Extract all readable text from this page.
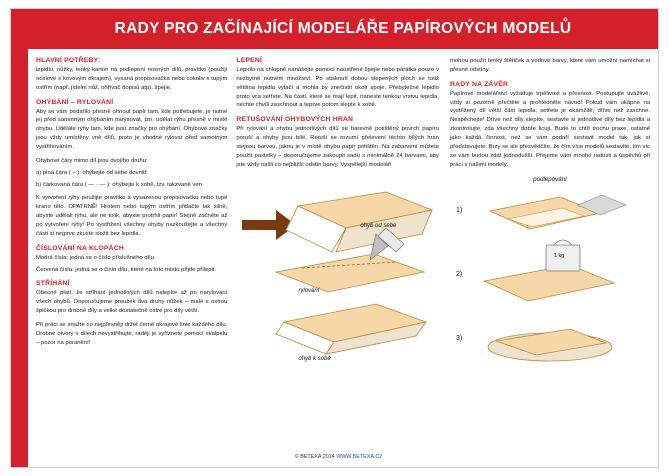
RADY PRO ZAČÍNAJÍCÍ MODELÁŘE PAPÍROVÝCH MODELŮ
HLAVNÍ POTŘEBY:

lepidlo, nůžky, tenký karton na podlepení nosných dílů, pravítko (použijí ocelové s kovovým okrajem), vysaná propisovačka nebo cokoliv s tupým ostřím (např. jídelní nůž, ohřívač dopisů atp), špejle.

OHÝBÁNÍ – RYLOVÁNÍ

Aby se vám podařilo přesně ohnout papír tam, kde potřebujete, je nutné jej před samotným ohýbáním narýsovat, tzn. udělat rýhu přesně v místě ohybu. Uděláte rýhy tam, kde jsou značky pro ohýbání. Ohybové značky jsou vždy umístěny vně dílů, proto je vhodné rylovat před samotným vystřihováním.

Ohybové čáry mimo díl jsou dvojího druhu:

a) plná čára ( – ): ohýbejte od sebe dovnitř

b) čárkovaná čára ( — · — ): ohýbejte k sobě, tzv. takzvaně ven

K vytvoření rýhy použijte pravítko a vysazenou propisovačku nebo tupé krano tělo. OPATRNĚ! Hrotem nebo tupým ostřím přitlačte tak silně, abyste udělali rýhu, ale ne tolik, abyste protrhli papír! Stejně začněte až po vytvoření rýhy! Po vystřižení všechny ohyby nazkoušejte a všechny části si nejprve zkuste složit bez lepidla.

ČÍSLOVÁNÍ NA KLOPÁCH

Modrá čísla: jedná se o číslo příslušného dílu.

Červená čísla: jedná se o číslo dílu, které na toto místo přijde přilepit.

STŘÍHÁNÍ

Obecně platí, že stříhání jednotlivých dílů nalepíte až po narylování všech ohybů. Doporučujeme proužek dva druhy nůžek – malé s ostrou špičkou pro drobné díly a velké dostatečně ostré pro díly větší.

Při práci se snažte co nejpřesněji držet černé okrajové linie každého dílu. Drobné otvory v dílech nevystříhujte, raději je vyříznete pomocí skalpelu – pozor na poranění!

LEPENÍ

Lepidlo na chlopně nanášejte pomocí naostřené špejle nebo párátka pouze v nezbytně nutném množství. Po stisknutí dobou slepených ploch se totiž většina lepidla vylačí a mohla by znečistit okolí spoje. Přebytečné lepidlo proto vca setřete. Na části, které se mají lepit, naneste tenkou vrstvu lepidla, nechte chvíli zaschnout a teprve potom slepte k sobě.

RETUŠOVÁNÍ OHYBOVÝCH HRAN

Při rylování a ohybu jednotlivých dílů se barevně potištěný povrch papíru poruší a ohyby jsou bílé. Retuší se rozumí přelevení těchto bílých hran stejnou barvou, jakou je v místě ohybu papír potištěn. Na zabarvení můžete použít pastelky – doporučujeme zakoupit sadu s minimálně 24 barvami, aby jste vždy našli co nejbližší odstín barvy. Vyspělejší modeláři

ohyb od sebe
rylování
ohyb k sobě
© BETEXA 2014 WWW.BETEXA.CZ

mohou použít tenký štětiček a vodové barvy, které vám umožní namíchat si přesné odstíny.

RADY NA ZÁVĚR

Papírové modelářství vyžaduje trpělivost a přesnost. Postupujte uvážlivě, vždy si pozorně přečtěte a prohlédněte návod! Pokud vám ukápne na vystřižený díl větší část lepidla, setřete je okamžitě, dříve než zaschne. Nespěchejte! Dříve než díly slepíte, sestavte si jednotlivé díly bez lepidla a zkontrolujte, zda všechny dobře licují. Bude to chtít trochu praxe, ostatně jako každá činnost, než se vám podaří sestavit model tak, jak si představujete. Brzy se ale přesvědčíte, že čím více modelů sestavíte, tím víc se vám budou zdát jednodušší. Přejeme vám mnoho radosti a úspěchů při práci s našimi modely.

podlepování

1)
2)
3)
1 kg
